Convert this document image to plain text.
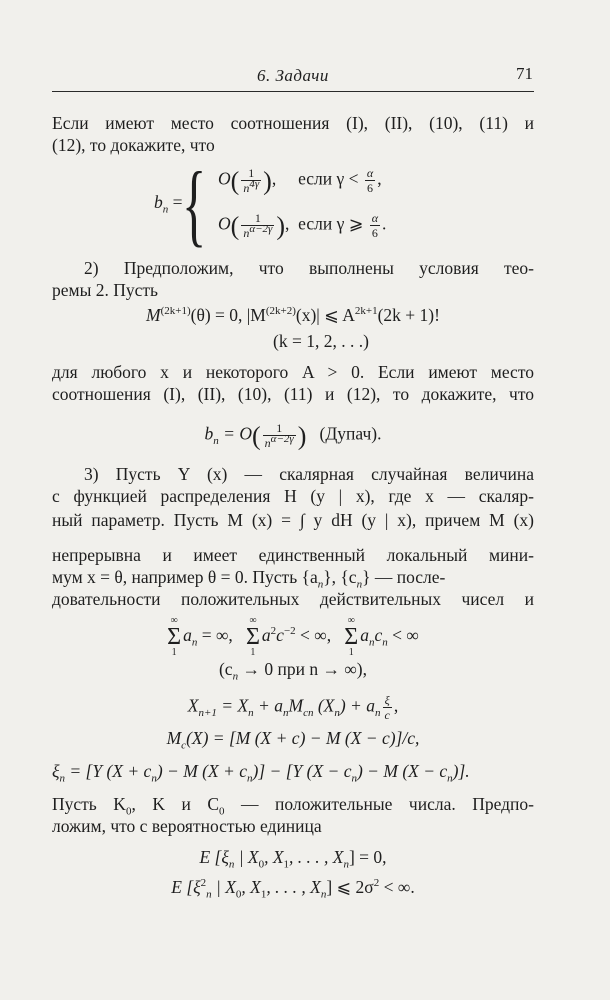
6. Задачи	71
Если имеют место соотношения (I), (II), (10), (11) и
(12), то докажите, что
$b_n$ = { $O( \frac{1}{n^{4\gamma}}$ ),     если $\gamma < \frac{\alpha}{6}$ ,
$O( \frac{1}{n^{\alpha-2\gamma}}$ ),  если γ ⩾ $\frac{\alpha}{6}$ .
2) Предположим, что выполнены условия тео-
ремы 2. Пусть
$M^{(2k+1)}(\theta) = 0$, $|M^{(2k+2)}(x)|$ ⩽ $A^{2k+1}(2k + 1)$!
(k = 1, 2, . . .)
для любого x и некоторого A > 0. Если имеют место
соотношения (I), (II), (10), (11) и (12), то докажите, что
$b_n = O( \frac{1}{n^{\alpha-2\gamma}}$ ) (Дупач).
3) Пусть Y (x) — скалярная случайная величина
с функцией распределения H (y | x), где x — скаляр-
ный параметр. Пусть M (x) = ∫ y dH (y | x), причем M (x)
непрерывна и имеет единственный локальный мини-
мум x = θ, например θ = 0. Пусть $\{a_n\}$, $\{c_n\}$ — после-
довательности положительных действительных чисел и
∞
Σ
1
$a_n$ = ∞,
∞
Σ
1
$a^2c^{-2}$ < ∞,
∞
Σ
1
$a_nc_n$ < ∞
($c_n \to 0$ при n → ∞),
$X_{n+1} = X_n + a_nM_{cn}$ $(X_n) + a_n \frac{\xi}{c}$ ,
$M_c(X) = [M$ (X + c) − M (X − c)]/c,
$\xi_n = [Y$ $(X + c_n) - M$ $(X + c_n)] - [Y$ $(X - c_n) - M$ $(X - c_n)$].
Пусть $K_0$, K и $C_0$ — положительные числа. Предпо-
ложим, что с вероятностью единица
E [$\xi_n$ | $X_0$, $X_1$, . . . , $X_n] = 0$,
E [$\xi^2_n$ | $X_0$, $X_1$, . . . , $X_n$] ⩽ $2\sigma^2$ < ∞.
